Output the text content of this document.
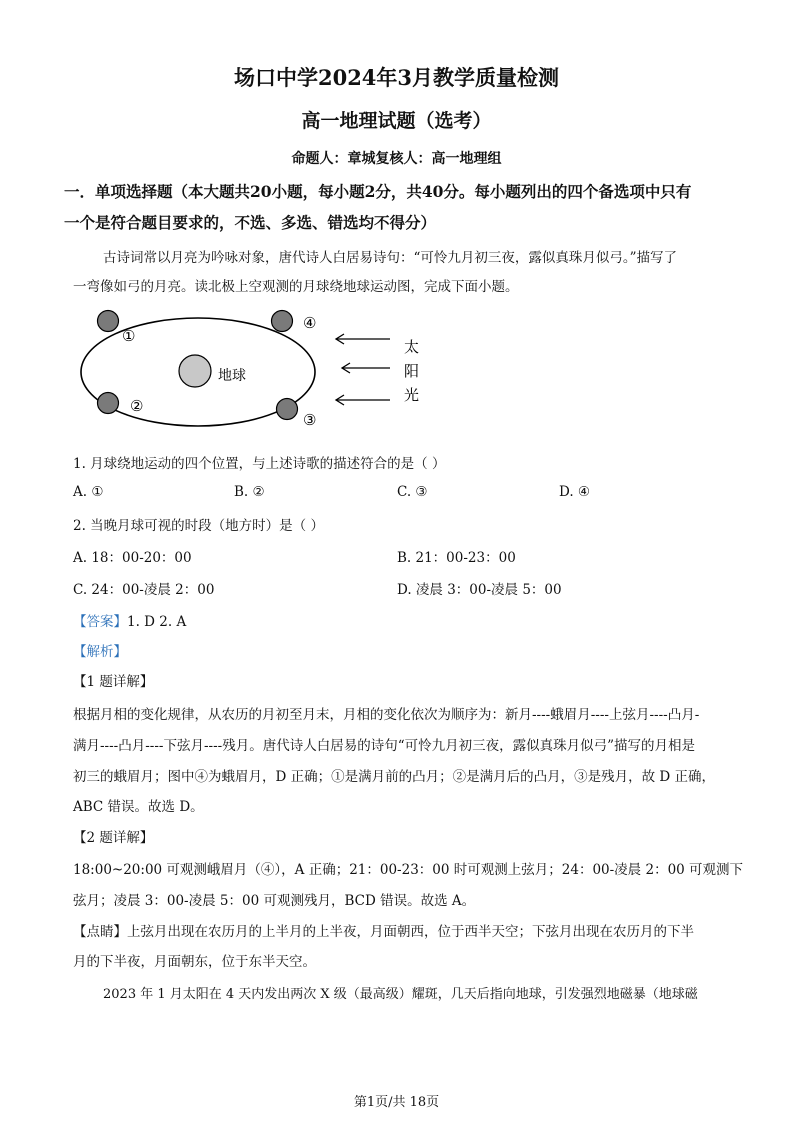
场口中学2024年3月教学质量检测
高一地理试题（选考）
命题人：章城复核人：高一地理组
一．单项选择题（本大题共20小题，每小题2分，共40分。每小题列出的四个备选项中只有
一个是符合题目要求的，不选、多选、错选均不得分）
古诗词常以月亮为吟咏对象，唐代诗人白居易诗句：“可怜九月初三夜，露似真珠月似弓。”描写了
一弯像如弓的月亮。读北极上空观测的月球绕地球运动图，完成下面小题。
地球
①
②
③
④
太
阳
光
1. 月球绕地运动的四个位置，与上述诗歌的描述符合的是（ ）
A. ①	B. ②	C. ③	D. ④
2. 当晚月球可视的时段（地方时）是（ ）
A. 18：00-20：00	B. 21：00-23：00
C. 24：00-凌晨 2：00	D. 凌晨 3：00-凌晨 5：00
【答案】1. D 2. A
【解析】
【1 题详解】
根据月相的变化规律，从农历的月初至月末，月相的变化依次为顺序为：新月----蛾眉月----上弦月----凸月-
满月----凸月----下弦月----残月。唐代诗人白居易的诗句“可怜九月初三夜，露似真珠月似弓”描写的月相是
初三的蛾眉月；图中④为蛾眉月，D 正确；①是满月前的凸月；②是满月后的凸月，③是残月，故 D 正确，
ABC 错误。故选 D。
【2 题详解】
18:00~20:00 可观测峨眉月（④），A 正确；21：00-23：00 时可观测上弦月；24：00-凌晨 2：00 可观测下
弦月；凌晨 3：00-凌晨 5：00 可观测残月，BCD 错误。故选 A。
【点睛】上弦月出现在农历月的上半月的上半夜，月面朝西，位于西半天空；下弦月出现在农历月的下半
月的下半夜，月面朝东，位于东半天空。
2023 年 1 月太阳在 4 天内发出两次 X 级（最高级）耀斑，几天后指向地球，引发强烈地磁暴（地球磁
第1页/共 18页
